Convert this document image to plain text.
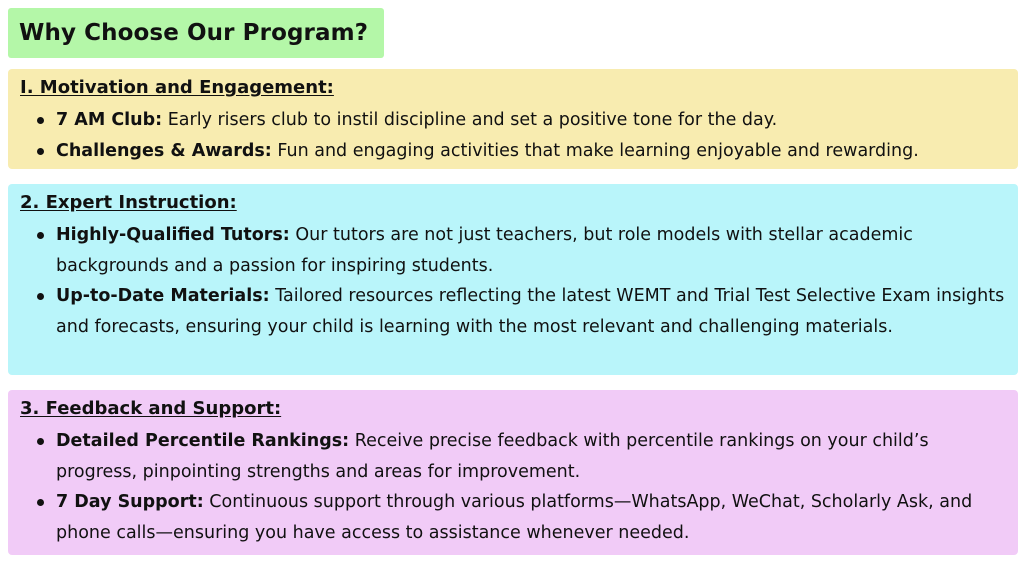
Why Choose Our Program?
I. Motivation and Engagement:
7 AM Club: Early risers club to instil discipline and set a positive tone for the day.
Challenges & Awards: Fun and engaging activities that make learning enjoyable and rewarding.
2. Expert Instruction:
Highly-Qualified Tutors: Our tutors are not just teachers, but role models with stellar academic backgrounds and a passion for inspiring students.
Up-to-Date Materials: Tailored resources reflecting the latest WEMT and Trial Test Selective Exam insights and forecasts, ensuring your child is learning with the most relevant and challenging materials.
3. Feedback and Support:
Detailed Percentile Rankings: Receive precise feedback with percentile rankings on your child’s progress, pinpointing strengths and areas for improvement.
7 Day Support: Continuous support through various platforms—WhatsApp, WeChat, Scholarly Ask, and phone calls—ensuring you have access to assistance whenever needed.
